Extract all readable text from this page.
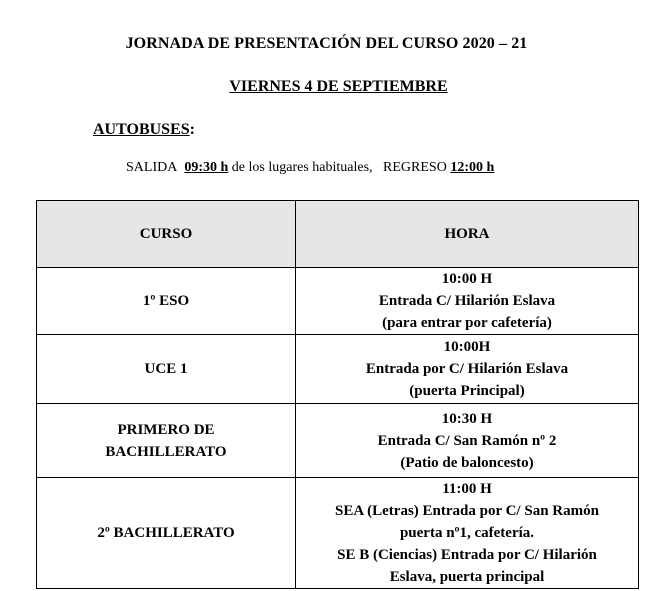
JORNADA DE PRESENTACIÓN DEL CURSO 2020 – 21
VIERNES 4 DE SEPTIEMBRE
AUTOBUSES:
SALIDA 09:30 h de los lugares habituales, REGRESO 12:00 h
CURSO	HORA

1º ESO	10:00 H
Entrada C/ Hilarión Eslava
(para entrar por cafetería)

UCE 1	10:00H
Entrada por C/ Hilarión Eslava
(puerta Principal)

PRIMERO DE
BACHILLERATO	10:30 H
Entrada C/ San Ramón nº 2
(Patio de baloncesto)

2º BACHILLERATO	11:00 H
SEA (Letras) Entrada por C/ San Ramón
puerta nº1, cafetería.
SE B (Ciencias) Entrada por C/ Hilarión
Eslava, puerta principal
